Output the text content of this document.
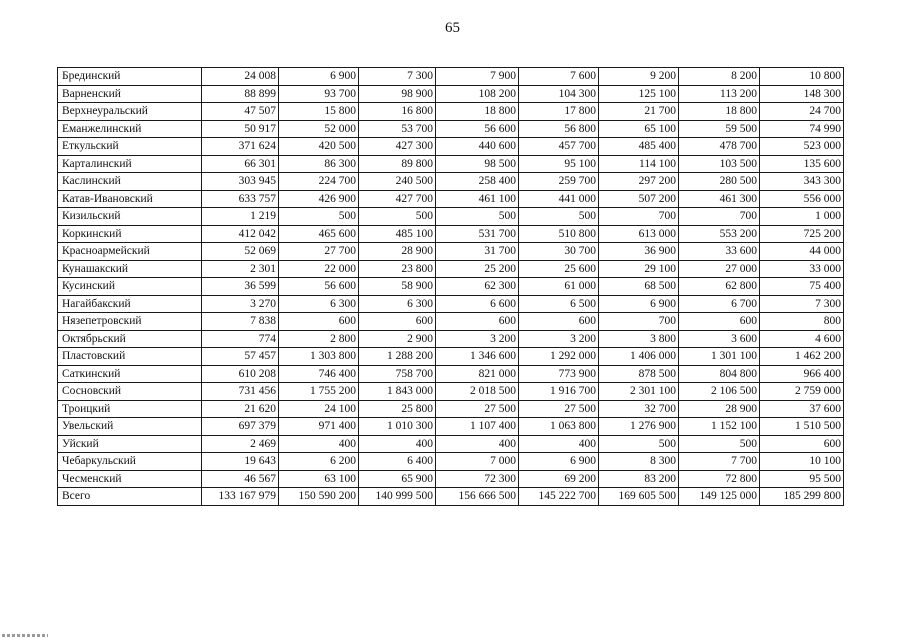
65
Брединский	24 008	6 900	7 300	7 900	7 600	9 200	8 200	10 800
Варненский	88 899	93 700	98 900	108 200	104 300	125 100	113 200	148 300
Верхнеуральский	47 507	15 800	16 800	18 800	17 800	21 700	18 800	24 700
Еманжелинский	50 917	52 000	53 700	56 600	56 800	65 100	59 500	74 990
Еткульский	371 624	420 500	427 300	440 600	457 700	485 400	478 700	523 000
Карталинский	66 301	86 300	89 800	98 500	95 100	114 100	103 500	135 600
Каслинский	303 945	224 700	240 500	258 400	259 700	297 200	280 500	343 300
Катав-Ивановский	633 757	426 900	427 700	461 100	441 000	507 200	461 300	556 000
Кизильский	1 219	500	500	500	500	700	700	1 000
Коркинский	412 042	465 600	485 100	531 700	510 800	613 000	553 200	725 200
Красноармейский	52 069	27 700	28 900	31 700	30 700	36 900	33 600	44 000
Кунашакский	2 301	22 000	23 800	25 200	25 600	29 100	27 000	33 000
Кусинский	36 599	56 600	58 900	62 300	61 000	68 500	62 800	75 400
Нагайбакский	3 270	6 300	6 300	6 600	6 500	6 900	6 700	7 300
Нязепетровский	7 838	600	600	600	600	700	600	800
Октябрьский	774	2 800	2 900	3 200	3 200	3 800	3 600	4 600
Пластовский	57 457	1 303 800	1 288 200	1 346 600	1 292 000	1 406 000	1 301 100	1 462 200
Саткинский	610 208	746 400	758 700	821 000	773 900	878 500	804 800	966 400
Сосновский	731 456	1 755 200	1 843 000	2 018 500	1 916 700	2 301 100	2 106 500	2 759 000
Троицкий	21 620	24 100	25 800	27 500	27 500	32 700	28 900	37 600
Увельский	697 379	971 400	1 010 300	1 107 400	1 063 800	1 276 900	1 152 100	1 510 500
Уйский	2 469	400	400	400	400	500	500	600
Чебаркульский	19 643	6 200	6 400	7 000	6 900	8 300	7 700	10 100
Чесменский	46 567	63 100	65 900	72 300	69 200	83 200	72 800	95 500
Всего	133 167 979	150 590 200	140 999 500	156 666 500	145 222 700	169 605 500	149 125 000	185 299 800
